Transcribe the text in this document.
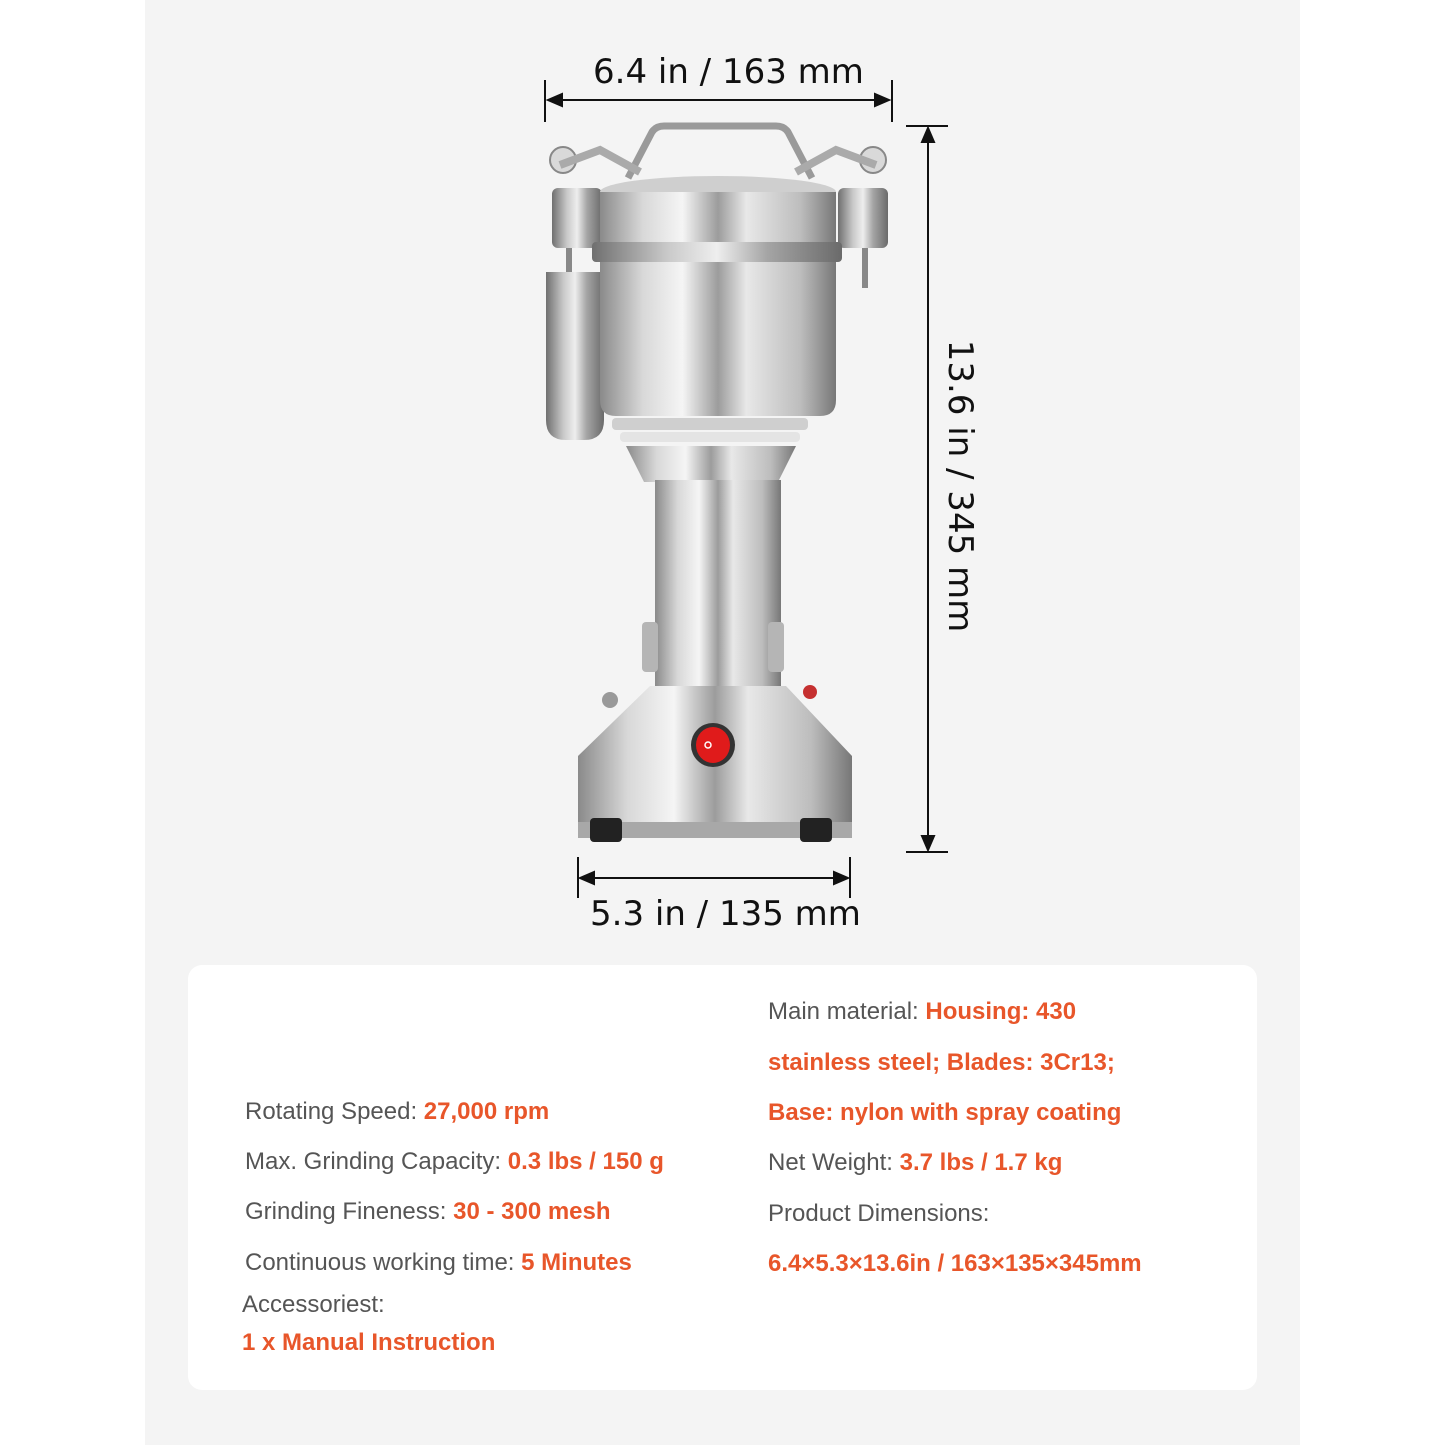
6.4 in / 163 mm
13.6 in / 345 mm
5.3 in / 135 mm
Rotating Speed: 27,000 rpm
Max. Grinding Capacity: 0.3 lbs / 150 g
Grinding Fineness: 30 - 300 mesh
Continuous working time: 5 Minutes
Accessoriest:
1 x Manual Instruction
Main material: Housing: 430
stainless steel; Blades: 3Cr13;
Base: nylon with spray coating
Net Weight: 3.7 lbs / 1.7 kg
Product Dimensions:
6.4×5.3×13.6in / 163×135×345mm
